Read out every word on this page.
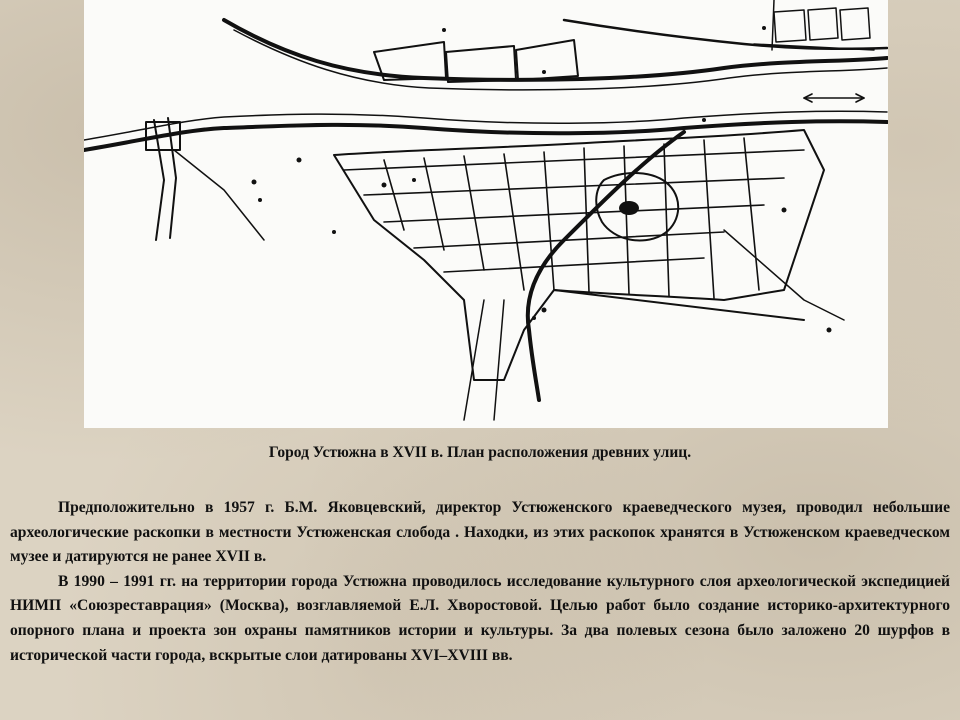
Город Устюжна в XVII в. План расположения древних улиц.

Предположительно в 1957 г. Б.М. Яковцевский, директор Устюженского краеведческого музея, проводил небольшие археологические раскопки в местности Устюженская слобода . Находки, из этих раскопок хранятся в Устюженском краеведческом музее и датируются не ранее XVII в.

В 1990 – 1991 гг. на территории города Устюжна проводилось исследование культурного слоя археологической экспедицией НИМП «Союзреставрация» (Москва), возглавляемой Е.Л. Хворостовой. Целью работ было создание историко-архитектурного опорного плана и проекта зон охраны памятников истории и культуры. За два полевых сезона было заложено 20 шурфов в исторической части города, вскрытые слои датированы XVI–XVIII вв.
